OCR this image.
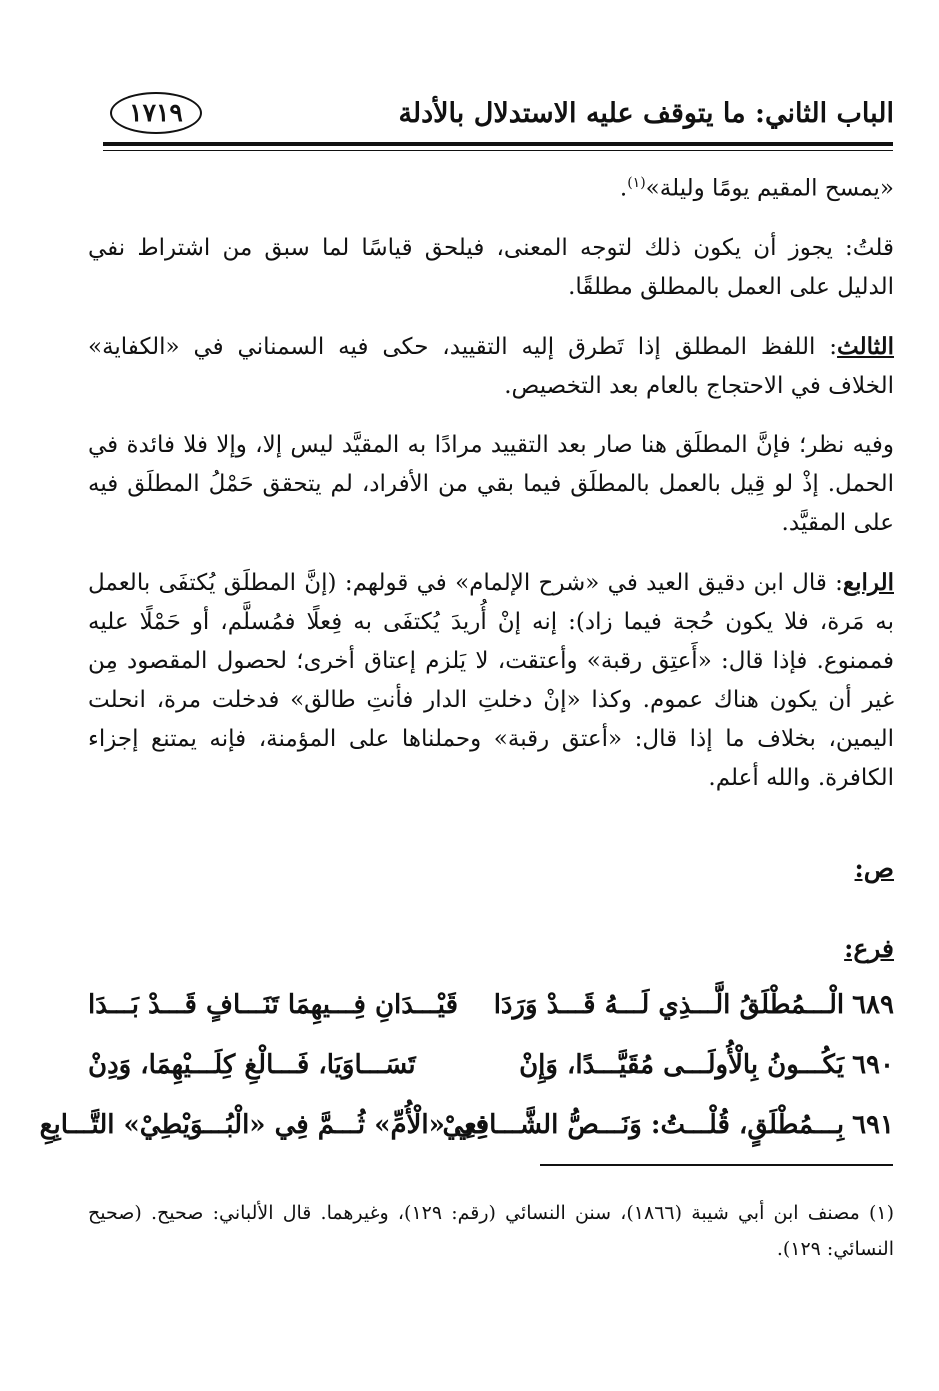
الباب الثاني: ما يتوقف عليه الاستدلال بالأدلة
١٧١٩

«يمسح المقيم يومًا وليلة»$^{(١)}$.

قلتُ: يجوز أن يكون ذلك لتوجه المعنى، فيلحق قياسًا لما سبق من اشتراط نفي الدليل على العمل بالمطلق مطلقًا.

الثالث: اللفظ المطلق إذا تَطرق إليه التقييد، حكى فيه السمناني في «الكفاية» الخلاف في الاحتجاج بالعام بعد التخصيص.

وفيه نظر؛ فإنَّ المطلَق هنا صار بعد التقييد مرادًا به المقيَّد ليس إلا، وإلا فلا فائدة في الحمل. إذْ لو قِيل بالعمل بالمطلَق فيما بقي من الأفراد، لم يتحقق حَمْلُ المطلَق فيه على المقيَّد.

الرابع: قال ابن دقيق العيد في «شرح الإلمام» في قولهم: (إنَّ المطلَق يُكتفَى بالعمل به مَرة، فلا يكون حُجة فيما زاد): إنه إنْ أُريدَ يُكتفَى به فِعلًا فمُسلَّم، أو حَمْلًا عليه فممنوع. فإذا قال: «أَعتِق رقبة» وأعتقت، لا يَلزم إعتاق أخرى؛ لحصول المقصود مِن غير أن يكون هناك عموم. وكذا «إنْ دخلتِ الدار فأنتِ طالق» فدخلت مرة، انحلت اليمين، بخلاف ما إذا قال: «أعتق رقبة» وحملناها على المؤمنة، فإنه يمتنع إجزاء الكافرة. والله أعلم.

ص:
فرع:
٦٨٩الْـــمُطْلَقُ الَّـــذِي لَـــهُ قَـــدْ وَرَدَا
قَيْـــدَانِ فِـــيهِمَا تَنَـــافٍ قَـــدْ بَـــدَا
٦٩٠يَكُـــونُ بِالْأُولَـــى مُقَيَّـــدًا، وَإِنْ
تَسَـــاوَيَا، فَـــالْغِ كِلَـــيْهِمَا، وَدِنْ
٦٩١بِـــمُطْلَقٍ، قُلْـــتُ: وَنَـــصُّ الشَّـــافِعِيْ
فِي «الْأُمِّ» ثُـــمَّ فِي «الْبُـــوَيْطِيْ» التَّـــابِعِ

(١) مصنف ابن أبي شيبة (١٨٦٦)، سنن النسائي (رقم: ١٢٩)، وغيرهما. قال الألباني: صحيح. (صحيح النسائي: ١٢٩).
